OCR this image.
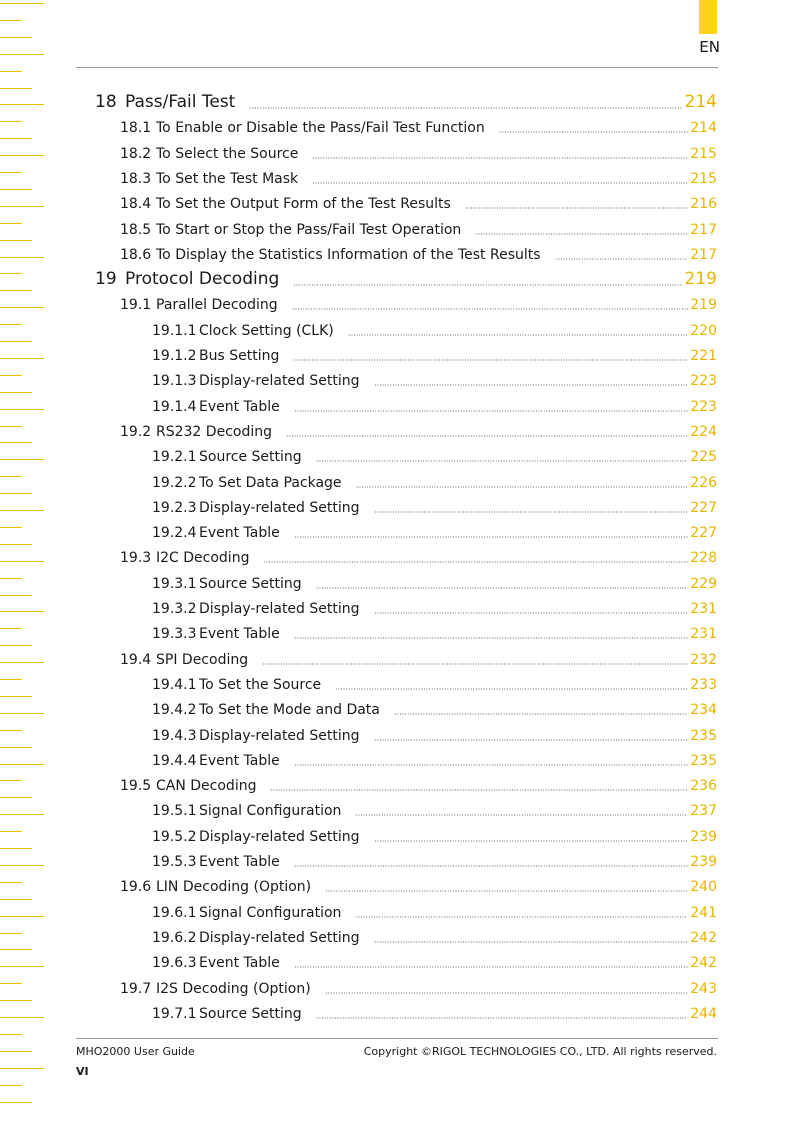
EN
18 Pass/Fail Test	214
18.1 To Enable or Disable the Pass/Fail Test Function	214
18.2 To Select the Source	215
18.3 To Set the Test Mask	215
18.4 To Set the Output Form of the Test Results	216
18.5 To Start or Stop the Pass/Fail Test Operation	217
18.6 To Display the Statistics Information of the Test Results	217
19 Protocol Decoding	219
19.1 Parallel Decoding	219
19.1.1 Clock Setting (CLK)	220
19.1.2 Bus Setting	221
19.1.3 Display-related Setting	223
19.1.4 Event Table	223
19.2 RS232 Decoding	224
19.2.1 Source Setting	225
19.2.2 To Set Data Package	226
19.2.3 Display-related Setting	227
19.2.4 Event Table	227
19.3 I2C Decoding	228
19.3.1 Source Setting	229
19.3.2 Display-related Setting	231
19.3.3 Event Table	231
19.4 SPI Decoding	232
19.4.1 To Set the Source	233
19.4.2 To Set the Mode and Data	234
19.4.3 Display-related Setting	235
19.4.4 Event Table	235
19.5 CAN Decoding	236
19.5.1 Signal Configuration	237
19.5.2 Display-related Setting	239
19.5.3 Event Table	239
19.6 LIN Decoding (Option)	240
19.6.1 Signal Configuration	241
19.6.2 Display-related Setting	242
19.6.3 Event Table	242
19.7 I2S Decoding (Option)	243
19.7.1 Source Setting	244
MHO2000 User Guide	Copyright ©RIGOL TECHNOLOGIES CO., LTD. All rights reserved.
VI
